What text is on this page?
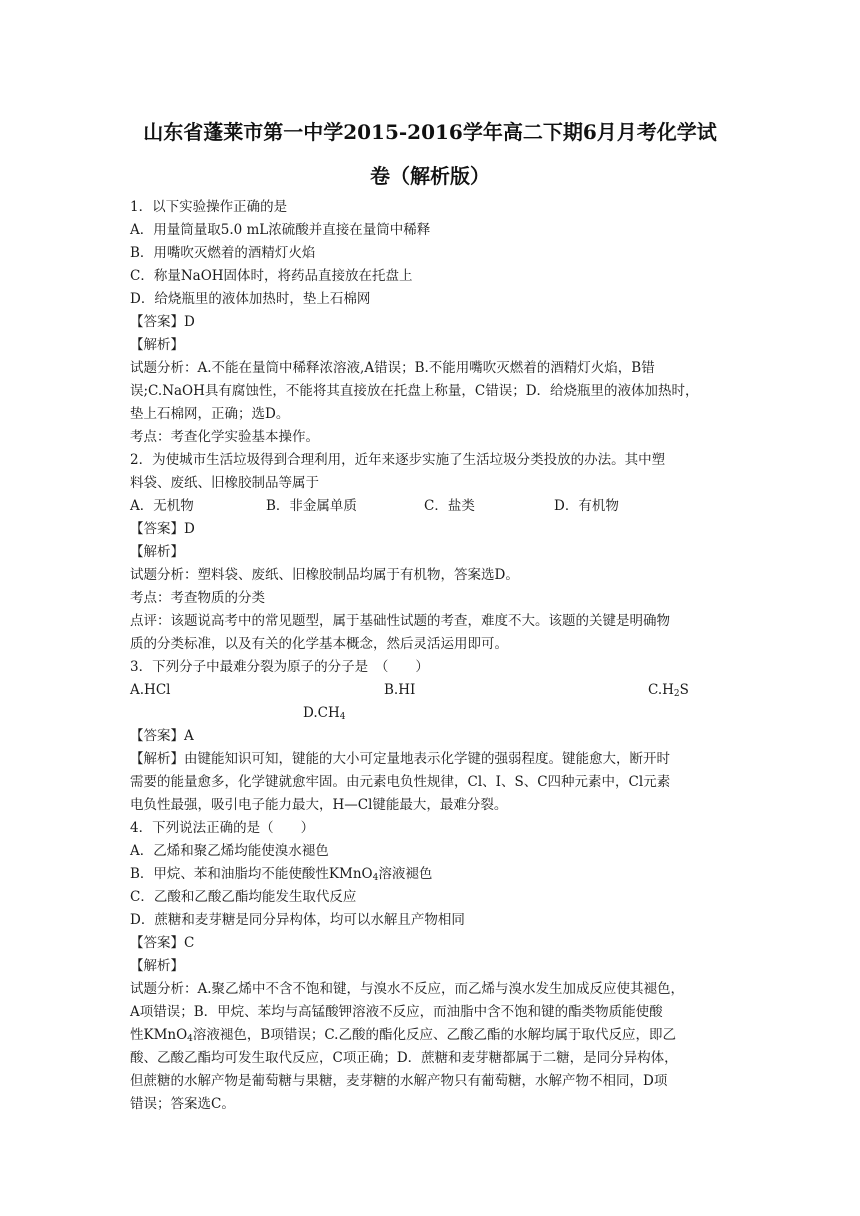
山东省蓬莱市第一中学2015-2016学年高二下期6月月考化学试
卷（解析版）
1．以下实验操作正确的是
A．用量筒量取5.0 mL浓硫酸并直接在量筒中稀释
B．用嘴吹灭燃着的酒精灯火焰
C．称量NaOH固体时，将药品直接放在托盘上
D．给烧瓶里的液体加热时，垫上石棉网
【答案】D
【解析】
试题分析：A.不能在量筒中稀释浓溶液,A错误；B.不能用嘴吹灭燃着的酒精灯火焰，B错
误;C.NaOH具有腐蚀性，不能将其直接放在托盘上称量，C错误；D．给烧瓶里的液体加热时，
垫上石棉网，正确；选D。
考点：考查化学实验基本操作。
2．为使城市生活垃圾得到合理利用，近年来逐步实施了生活垃圾分类投放的办法。其中塑
料袋、废纸、旧橡胶制品等属于
A．无机物	B．非金属单质	C．盐类	D．有机物
【答案】D
【解析】
试题分析：塑料袋、废纸、旧橡胶制品均属于有机物，答案选D。
考点：考查物质的分类
点评：该题说高考中的常见题型，属于基础性试题的考查，难度不大。该题的关键是明确物
质的分类标准，以及有关的化学基本概念，然后灵活运用即可。
3．下列分子中最难分裂为原子的分子是　（　　）
A.HCl	B.HI	$C.H_2S$
$D.CH_4$
【答案】A
【解析】由键能知识可知，键能的大小可定量地表示化学键的强弱程度。键能愈大，断开时
需要的能量愈多，化学键就愈牢固。由元素电负性规律，Cl、I、S、C四种元素中，Cl元素
电负性最强，吸引电子能力最大，H—Cl键能最大，最难分裂。
4．下列说法正确的是（　　）
A．乙烯和聚乙烯均能使溴水褪色
B．甲烷、苯和油脂均不能使酸性KMnO$_4$溶液褪色
C．乙酸和乙酸乙酯均能发生取代反应
D．蔗糖和麦芽糖是同分异构体，均可以水解且产物相同
【答案】C
【解析】
试题分析：A.聚乙烯中不含不饱和键，与溴水不反应，而乙烯与溴水发生加成反应使其褪色，
A项错误；B．甲烷、苯均与高锰酸钾溶液不反应，而油脂中含不饱和键的酯类物质能使酸
性KMnO$_4$溶液褪色，B项错误；C.乙酸的酯化反应、乙酸乙酯的水解均属于取代反应，即乙
酸、乙酸乙酯均可发生取代反应，C项正确；D．蔗糖和麦芽糖都属于二糖，是同分异构体，
但蔗糖的水解产物是葡萄糖与果糖，麦芽糖的水解产物只有葡萄糖，水解产物不相同，D项
错误；答案选C。
